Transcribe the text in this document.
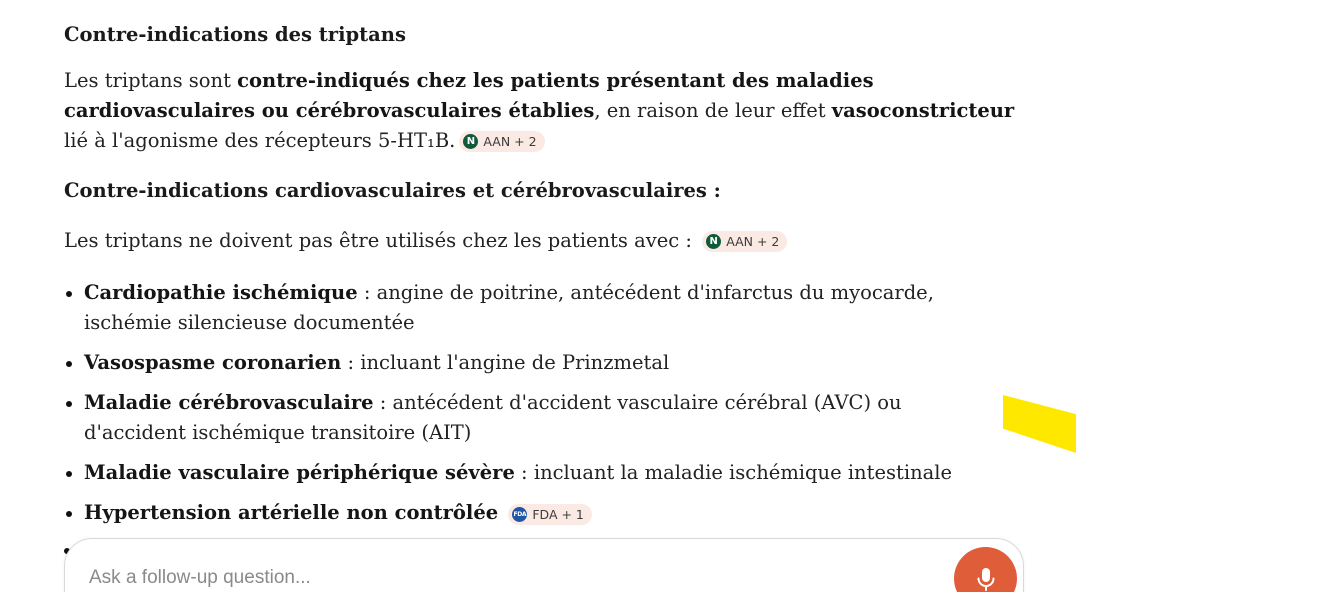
Contre-indications des triptans
Les triptans sont contre-indiqués chez les patients présentant des maladies cardiovasculaires ou cérébrovasculaires établies, en raison de leur effet vasoconstricteur lié à l'agonisme des récepteurs 5-HT₁B.	N AAN + 2
Contre-indications cardiovasculaires et cérébrovasculaires :
Les triptans ne doivent pas être utilisés chez les patients avec :	N AAN + 2
Cardiopathie ischémique : angine de poitrine, antécédent d'infarctus du myocarde, ischémie silencieuse documentée
Vasospasme coronarien : incluant l'angine de Prinzmetal
Maladie cérébrovasculaire : antécédent d'accident vasculaire cérébral (AVC) ou d'accident ischémique transitoire (AIT)
Maladie vasculaire périphérique sévère : incluant la maladie ischémique intestinale
Hypertension artérielle non contrôlée	FDA FDA + 1
Ask a follow-up question...
